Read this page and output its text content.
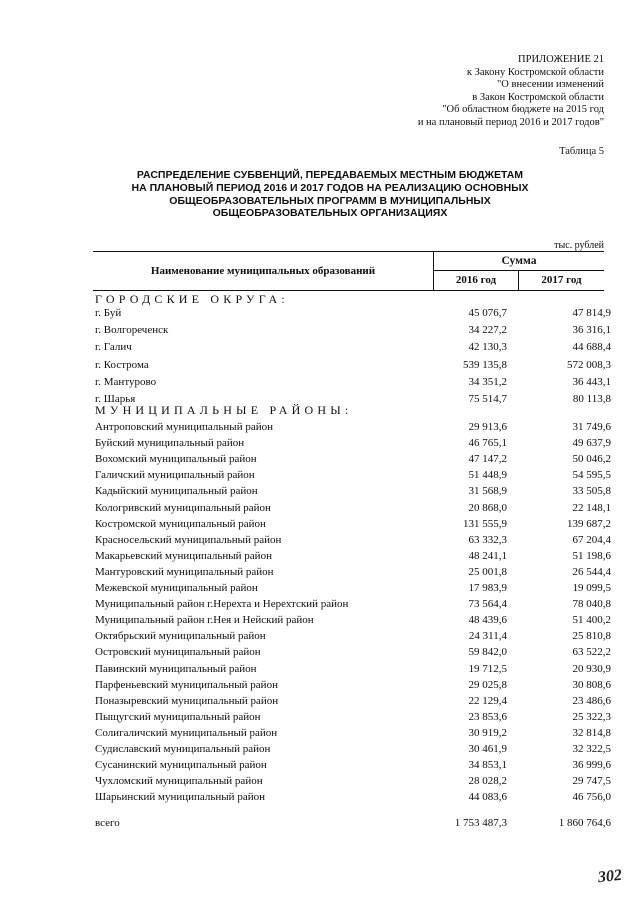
ПРИЛОЖЕНИЕ 21
к Закону Костромской области
"О внесении изменений
в Закон Костромской области
"Об областном бюджете на 2015 год
и на плановый период 2016 и 2017 годов"
Таблица 5
РАСПРЕДЕЛЕНИЕ СУБВЕНЦИЙ, ПЕРЕДАВАЕМЫХ МЕСТНЫМ БЮДЖЕТАМ
НА ПЛАНОВЫЙ ПЕРИОД 2016 И 2017 ГОДОВ НА РЕАЛИЗАЦИЮ ОСНОВНЫХ
ОБЩЕОБРАЗОВАТЕЛЬНЫХ ПРОГРАММ В МУНИЦИПАЛЬНЫХ
ОБЩЕОБРАЗОВАТЕЛЬНЫХ ОРГАНИЗАЦИЯХ
тыс. рублей
Наименование муниципальных образований
Сумма
2016 год	2017 год
ГОРОДСКИЕ ОКРУГА:
г. Буй	45 076,7	47 814,9
г. Волгореченск	34 227,2	36 316,1
г. Галич	42 130,3	44 688,4
г. Кострома	539 135,8	572 008,3
г. Мантурово	34 351,2	36 443,1
г. Шарья	75 514,7	80 113,8
МУНИЦИПАЛЬНЫЕ РАЙОНЫ:
Антроповский муниципальный район	29 913,6	31 749,6
Буйский муниципальный район	46 765,1	49 637,9
Вохомский муниципальный район	47 147,2	50 046,2
Галичский муниципальный район	51 448,9	54 595,5
Кадыйский муниципальный район	31 568,9	33 505,8
Кологривский муниципальный район	20 868,0	22 148,1
Костромской муниципальный район	131 555,9	139 687,2
Красносельский муниципальный район	63 332,3	67 204,4
Макарьевский муниципальный район	48 241,1	51 198,6
Мантуровский муниципальный район	25 001,8	26 544,4
Межевской муниципальный район	17 983,9	19 099,5
Муниципальный район г.Нерехта и Нерехтский район	73 564,4	78 040,8
Муниципальный район г.Нея и Нейский район	48 439,6	51 400,2
Октябрьский муниципальный район	24 311,4	25 810,8
Островский муниципальный район	59 842,0	63 522,2
Павинский муниципальный район	19 712,5	20 930,9
Парфеньевский муниципальный район	29 025,8	30 808,6
Поназыревский муниципальный район	22 129,4	23 486,6
Пыщугский муниципальный район	23 853,6	25 322,3
Солигаличский муниципальный район	30 919,2	32 814,8
Судиславский муниципальный район	30 461,9	32 322,5
Сусанинский муниципальный район	34 853,1	36 999,6
Чухломский муниципальный район	28 028,2	29 747,5
Шарьинский муниципальный район	44 083,6	46 756,0
всего	1 753 487,3	1 860 764,6
302
